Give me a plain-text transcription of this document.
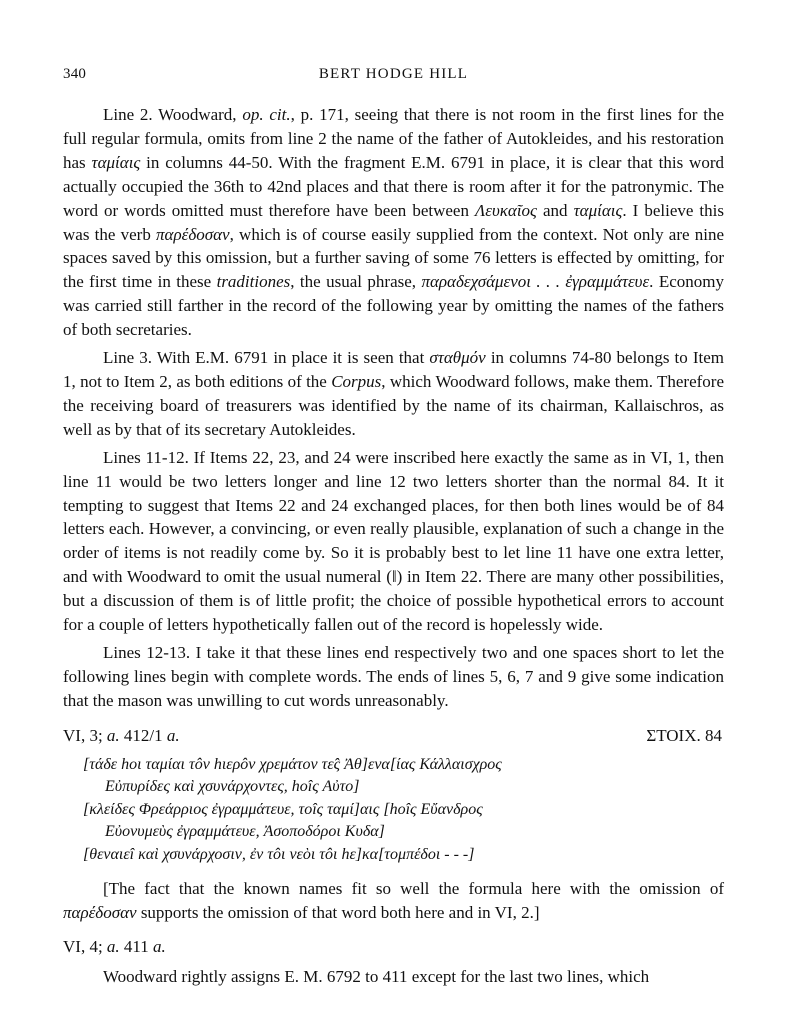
340	BERT HODGE HILL

Line 2. Woodward, op. cit., p. 171, seeing that there is not room in the first lines for the full regular formula, omits from line 2 the name of the father of Autokleides, and his restoration has ταμίαις in columns 44-50. With the fragment E.M. 6791 in place, it is clear that this word actually occupied the 36th to 42nd places and that there is room after it for the patronymic. The word or words omitted must therefore have been between Λευκαῖος and ταμίαις. I believe this was the verb παρέδοσαν, which is of course easily supplied from the context. Not only are nine spaces saved by this omission, but a further saving of some 76 letters is effected by omitting, for the first time in these traditiones, the usual phrase, παραδεχσάμενοι . . . ἐγραμμάτευε. Economy was carried still farther in the record of the following year by omitting the names of the fathers of both secretaries.

Line 3. With E.M. 6791 in place it is seen that σταθμόν in columns 74-80 belongs to Item 1, not to Item 2, as both editions of the Corpus, which Woodward follows, make them. Therefore the receiving board of treasurers was identified by the name of its chairman, Kallaischros, as well as by that of its secretary Autokleides.

Lines 11-12. If Items 22, 23, and 24 were inscribed here exactly the same as in VI, 1, then line 11 would be two letters longer and line 12 two letters shorter than the normal 84. It it tempting to suggest that Items 22 and 24 exchanged places, for then both lines would be of 84 letters each. However, a convincing, or even really plausible, explanation of such a change in the order of items is not readily come by. So it is probably best to let line 11 have one extra letter, and with Woodward to omit the usual numeral (‖) in Item 22. There are many other possibilities, but a discussion of them is of little profit; the choice of possible hypothetical errors to account for a couple of letters hypothetically fallen out of the record is hopelessly wide.

Lines 12-13. I take it that these lines end respectively two and one spaces short to let the following lines begin with complete words. The ends of lines 5, 6, 7 and 9 give some indication that the mason was unwilling to cut words unreasonably.

VI, 3; a. 412/1 a.	ΣΤΟΙΧ. 84
[τάδε hοι ταμίαι τôν hιερôν χρεμάτον τε̂ς Ἀθ]ενα[ίας Κάλλαισχρος
Εὐπυρίδες καὶ χσυνάρχοντες, hοîς Αὐτο]
[κλείδες Φρεάρριος ἐγραμμάτευε, τοîς ταμί]αις [hοîς Εὔανδρος
Εὐονυμεὺς ἐγραμμάτευε, Ἀσοποδόροι Κυδα]
[θεναιεî καὶ χσυνάρχοσιν, ἐν τôι νεὸι τôι hε]κα[τομπέδοι - - -]

[The fact that the known names fit so well the formula here with the omission of παρέδοσαν supports the omission of that word both here and in VI, 2.]

VI, 4; a. 411 a.

Woodward rightly assigns E. M. 6792 to 411 except for the last two lines, which
